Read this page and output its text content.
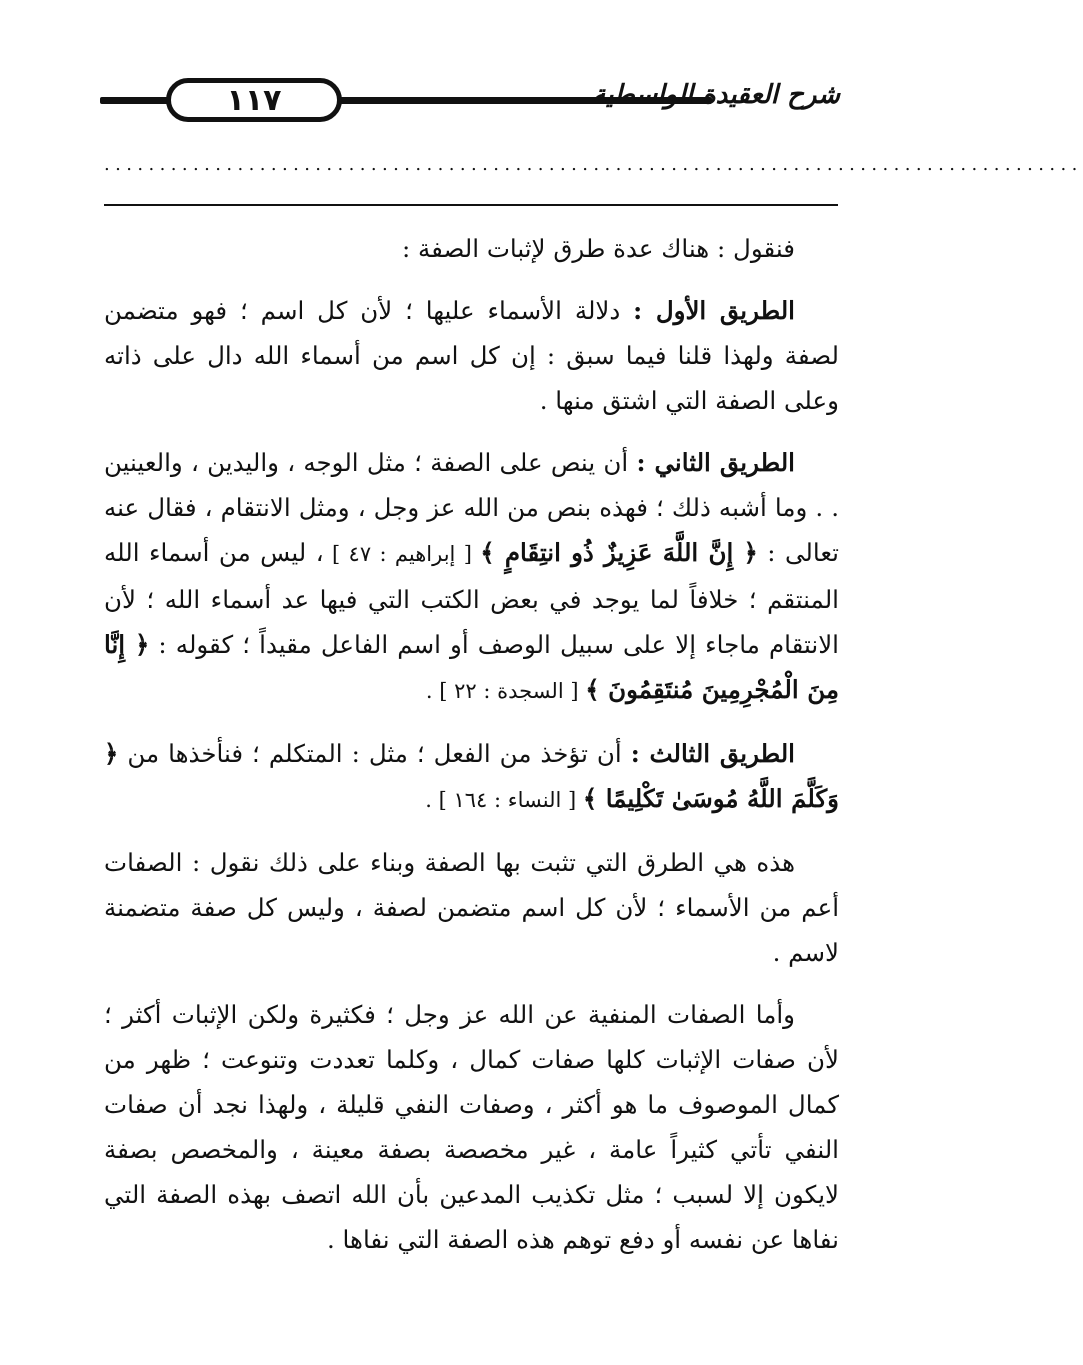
١١٧	شرح العقيدة الواسطية
........................................................................................

فنقول : هناك عدة طرق لإثبات الصفة :

الطريق الأول : دلالة الأسماء عليها ؛ لأن كل اسم ؛ فهو متضمن لصفة ولهذا قلنا فيما سبق : إن كل اسم من أسماء الله دال على ذاته وعلى الصفة التي اشتق منها .

الطريق الثاني : أن ينص على الصفة ؛ مثل الوجه ، واليدين ، والعينين . . وما أشبه ذلك ؛ فهذه بنص من الله عز وجل ، ومثل الانتقام ، فقال عنه تعالى : ﴿ إِنَّ اللَّهَ عَزِيزٌ ذُو انتِقَامٍ ﴾ [ إبراهيم : ٤٧ ] ، ليس من أسماء الله المنتقم ؛ خلافاً لما يوجد في بعض الكتب التي فيها عد أسماء الله ؛ لأن الانتقام ماجاء إلا على سبيل الوصف أو اسم الفاعل مقيداً ؛ كقوله : ﴿ إِنَّا مِنَ الْمُجْرِمِينَ مُنتَقِمُونَ ﴾ [ السجدة : ٢٢ ] .

الطريق الثالث : أن تؤخذ من الفعل ؛ مثل : المتكلم ؛ فنأخذها من ﴿ وَكَلَّمَ اللَّهُ مُوسَىٰ تَكْلِيمًا ﴾ [ النساء : ١٦٤ ] .

هذه هي الطرق التي تثبت بها الصفة وبناء على ذلك نقول : الصفات أعم من الأسماء ؛ لأن كل اسم متضمن لصفة ، وليس كل صفة متضمنة لاسم .

وأما الصفات المنفية عن الله عز وجل ؛ فكثيرة ولكن الإثبات أكثر ؛ لأن صفات الإثبات كلها صفات كمال ، وكلما تعددت وتنوعت ؛ ظهر من كمال الموصوف ما هو أكثر ، وصفات النفي قليلة ، ولهذا نجد أن صفات النفي تأتي كثيراً عامة ، غير مخصصة بصفة معينة ، والمخصص بصفة لايكون إلا لسبب ؛ مثل تكذيب المدعين بأن الله اتصف بهذه الصفة التي نفاها عن نفسه أو دفع توهم هذه الصفة التي نفاها .
